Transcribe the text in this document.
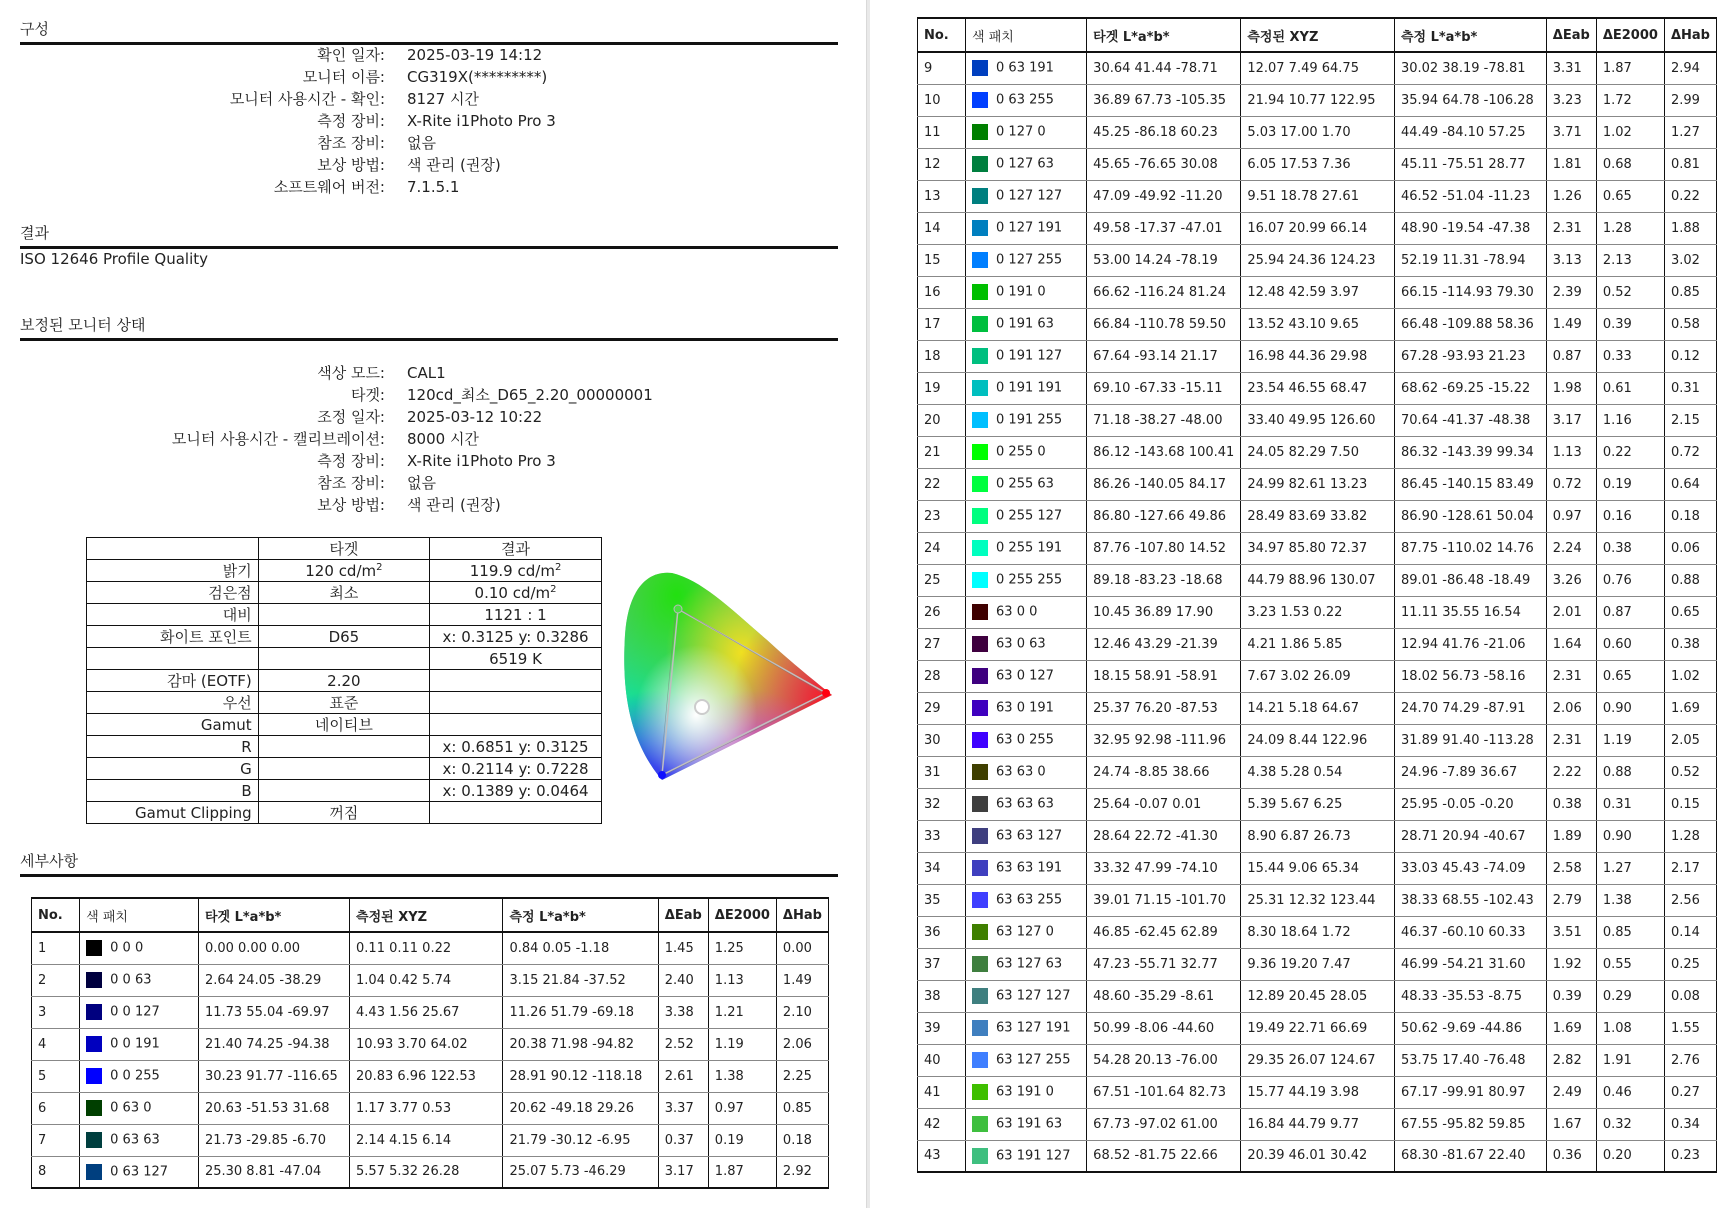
구성
확인 일자:	2025-03-19 14:12
모니터 이름:	CG319X(*********)
모니터 사용시간 - 확인:	8127 시간
측정 장비:	X-Rite i1Photo Pro 3
참조 장비:	없음
보상 방법:	색 관리 (권장)
소프트웨어 버전:	7.1.5.1
결과
ISO 12646 Profile Quality
보정된 모니터 상태
색상 모드:	CAL1
타겟:	120cd_최소_D65_2.20_00000001
조정 일자:	2025-03-12 10:22
모니터 사용시간 - 캘리브레이션:	8000 시간
측정 장비:	X-Rite i1Photo Pro 3
참조 장비:	없음
보상 방법:	색 관리 (권장)
	타겟	결과
밝기	120 $cd/m^2$	119.9 $cd/m^2$
검은점	최소	0.10 $cd/m^2$
대비		1121 : 1
화이트 포인트	D65	x: 0.3125 y: 0.3286
		6519 K
감마 (EOTF)	2.20	
우선	표준	
Gamut	네이티브	
R		x: 0.6851 y: 0.3125
G		x: 0.2114 y: 0.7228
B		x: 0.1389 y: 0.0464
Gamut Clipping	꺼짐	
세부사항
No.	색 패치	타겟 L*a*b*	측정된 XYZ	측정 L*a*b*	ΔEab	ΔE2000	ΔHab
1	0 0 0	0.00 0.00 0.00	0.11 0.11 0.22	0.84 0.05 -1.18	1.45	1.25	0.00
2	0 0 63	2.64 24.05 -38.29	1.04 0.42 5.74	3.15 21.84 -37.52	2.40	1.13	1.49
3	0 0 127	11.73 55.04 -69.97	4.43 1.56 25.67	11.26 51.79 -69.18	3.38	1.21	2.10
4	0 0 191	21.40 74.25 -94.38	10.93 3.70 64.02	20.38 71.98 -94.82	2.52	1.19	2.06
5	0 0 255	30.23 91.77 -116.65	20.83 6.96 122.53	28.91 90.12 -118.18	2.61	1.38	2.25
6	0 63 0	20.63 -51.53 31.68	1.17 3.77 0.53	20.62 -49.18 29.26	3.37	0.97	0.85
7	0 63 63	21.73 -29.85 -6.70	2.14 4.15 6.14	21.79 -30.12 -6.95	0.37	0.19	0.18
8	0 63 127	25.30 8.81 -47.04	5.57 5.32 26.28	25.07 5.73 -46.29	3.17	1.87	2.92
No.	색 패치	타겟 L*a*b*	측정된 XYZ	측정 L*a*b*	ΔEab	ΔE2000	ΔHab
9	0 63 191	30.64 41.44 -78.71	12.07 7.49 64.75	30.02 38.19 -78.81	3.31	1.87	2.94
10	0 63 255	36.89 67.73 -105.35	21.94 10.77 122.95	35.94 64.78 -106.28	3.23	1.72	2.99
11	0 127 0	45.25 -86.18 60.23	5.03 17.00 1.70	44.49 -84.10 57.25	3.71	1.02	1.27
12	0 127 63	45.65 -76.65 30.08	6.05 17.53 7.36	45.11 -75.51 28.77	1.81	0.68	0.81
13	0 127 127	47.09 -49.92 -11.20	9.51 18.78 27.61	46.52 -51.04 -11.23	1.26	0.65	0.22
14	0 127 191	49.58 -17.37 -47.01	16.07 20.99 66.14	48.90 -19.54 -47.38	2.31	1.28	1.88
15	0 127 255	53.00 14.24 -78.19	25.94 24.36 124.23	52.19 11.31 -78.94	3.13	2.13	3.02
16	0 191 0	66.62 -116.24 81.24	12.48 42.59 3.97	66.15 -114.93 79.30	2.39	0.52	0.85
17	0 191 63	66.84 -110.78 59.50	13.52 43.10 9.65	66.48 -109.88 58.36	1.49	0.39	0.58
18	0 191 127	67.64 -93.14 21.17	16.98 44.36 29.98	67.28 -93.93 21.23	0.87	0.33	0.12
19	0 191 191	69.10 -67.33 -15.11	23.54 46.55 68.47	68.62 -69.25 -15.22	1.98	0.61	0.31
20	0 191 255	71.18 -38.27 -48.00	33.40 49.95 126.60	70.64 -41.37 -48.38	3.17	1.16	2.15
21	0 255 0	86.12 -143.68 100.41	24.05 82.29 7.50	86.32 -143.39 99.34	1.13	0.22	0.72
22	0 255 63	86.26 -140.05 84.17	24.99 82.61 13.23	86.45 -140.15 83.49	0.72	0.19	0.64
23	0 255 127	86.80 -127.66 49.86	28.49 83.69 33.82	86.90 -128.61 50.04	0.97	0.16	0.18
24	0 255 191	87.76 -107.80 14.52	34.97 85.80 72.37	87.75 -110.02 14.76	2.24	0.38	0.06
25	0 255 255	89.18 -83.23 -18.68	44.79 88.96 130.07	89.01 -86.48 -18.49	3.26	0.76	0.88
26	63 0 0	10.45 36.89 17.90	3.23 1.53 0.22	11.11 35.55 16.54	2.01	0.87	0.65
27	63 0 63	12.46 43.29 -21.39	4.21 1.86 5.85	12.94 41.76 -21.06	1.64	0.60	0.38
28	63 0 127	18.15 58.91 -58.91	7.67 3.02 26.09	18.02 56.73 -58.16	2.31	0.65	1.02
29	63 0 191	25.37 76.20 -87.53	14.21 5.18 64.67	24.70 74.29 -87.91	2.06	0.90	1.69
30	63 0 255	32.95 92.98 -111.96	24.09 8.44 122.96	31.89 91.40 -113.28	2.31	1.19	2.05
31	63 63 0	24.74 -8.85 38.66	4.38 5.28 0.54	24.96 -7.89 36.67	2.22	0.88	0.52
32	63 63 63	25.64 -0.07 0.01	5.39 5.67 6.25	25.95 -0.05 -0.20	0.38	0.31	0.15
33	63 63 127	28.64 22.72 -41.30	8.90 6.87 26.73	28.71 20.94 -40.67	1.89	0.90	1.28
34	63 63 191	33.32 47.99 -74.10	15.44 9.06 65.34	33.03 45.43 -74.09	2.58	1.27	2.17
35	63 63 255	39.01 71.15 -101.70	25.31 12.32 123.44	38.33 68.55 -102.43	2.79	1.38	2.56
36	63 127 0	46.85 -62.45 62.89	8.30 18.64 1.72	46.37 -60.10 60.33	3.51	0.85	0.14
37	63 127 63	47.23 -55.71 32.77	9.36 19.20 7.47	46.99 -54.21 31.60	1.92	0.55	0.25
38	63 127 127	48.60 -35.29 -8.61	12.89 20.45 28.05	48.33 -35.53 -8.75	0.39	0.29	0.08
39	63 127 191	50.99 -8.06 -44.60	19.49 22.71 66.69	50.62 -9.69 -44.86	1.69	1.08	1.55
40	63 127 255	54.28 20.13 -76.00	29.35 26.07 124.67	53.75 17.40 -76.48	2.82	1.91	2.76
41	63 191 0	67.51 -101.64 82.73	15.77 44.19 3.98	67.17 -99.91 80.97	2.49	0.46	0.27
42	63 191 63	67.73 -97.02 61.00	16.84 44.79 9.77	67.55 -95.82 59.85	1.67	0.32	0.34
43	63 191 127	68.52 -81.75 22.66	20.39 46.01 30.42	68.30 -81.67 22.40	0.36	0.20	0.23
